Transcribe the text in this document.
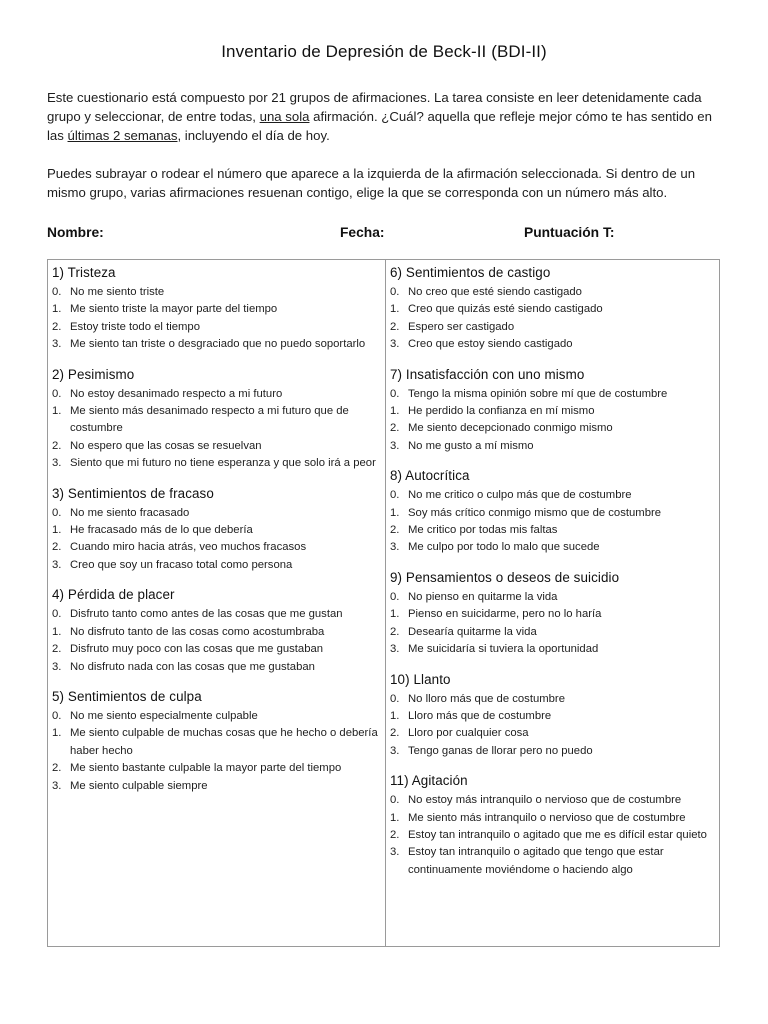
Inventario de Depresión de Beck-II (BDI-II)
Este cuestionario está compuesto por 21 grupos de afirmaciones. La tarea consiste en leer detenidamente cada grupo y seleccionar, de entre todas, una sola afirmación. ¿Cuál? aquella que refleje mejor cómo te has sentido en las últimas 2 semanas, incluyendo el día de hoy.
Puedes subrayar o rodear el número que aparece a la izquierda de la afirmación seleccionada. Si dentro de un mismo grupo, varias afirmaciones resuenan contigo, elige la que se corresponda con un número más alto.
Nombre:	Fecha:	Puntuación T:
1) Tristeza
0. No me siento triste
1. Me siento triste la mayor parte del tiempo
2. Estoy triste todo el tiempo
3. Me siento tan triste o desgraciado que no puedo soportarlo
2) Pesimismo
0. No estoy desanimado respecto a mi futuro
1. Me siento más desanimado respecto a mi futuro que de costumbre
2. No espero que las cosas se resuelvan
3. Siento que mi futuro no tiene esperanza y que solo irá a peor
3) Sentimientos de fracaso
0. No me siento fracasado
1. He fracasado más de lo que debería
2. Cuando miro hacia atrás, veo muchos fracasos
3. Creo que soy un fracaso total como persona
4) Pérdida de placer
0. Disfruto tanto como antes de las cosas que me gustan
1. No disfruto tanto de las cosas como acostumbraba
2. Disfruto muy poco con las cosas que me gustaban
3. No disfruto nada con las cosas que me gustaban
5) Sentimientos de culpa
0. No me siento especialmente culpable
1. Me siento culpable de muchas cosas que he hecho o debería haber hecho
2. Me siento bastante culpable la mayor parte del tiempo
3. Me siento culpable siempre
6) Sentimientos de castigo
0. No creo que esté siendo castigado
1. Creo que quizás esté siendo castigado
2. Espero ser castigado
3. Creo que estoy siendo castigado
7) Insatisfacción con uno mismo
0. Tengo la misma opinión sobre mí que de costumbre
1. He perdido la confianza en mí mismo
2. Me siento decepcionado conmigo mismo
3. No me gusto a mí mismo
8) Autocrítica
0. No me critico o culpo más que de costumbre
1. Soy más crítico conmigo mismo que de costumbre
2. Me critico por todas mis faltas
3. Me culpo por todo lo malo que sucede
9) Pensamientos o deseos de suicidio
0. No pienso en quitarme la vida
1. Pienso en suicidarme, pero no lo haría
2. Desearía quitarme la vida
3. Me suicidaría si tuviera la oportunidad
10) Llanto
0. No lloro más que de costumbre
1. Lloro más que de costumbre
2. Lloro por cualquier cosa
3. Tengo ganas de llorar pero no puedo
11) Agitación
0. No estoy más intranquilo o nervioso que de costumbre
1. Me siento más intranquilo o nervioso que de costumbre
2. Estoy tan intranquilo o agitado que me es difícil estar quieto
3. Estoy tan intranquilo o agitado que tengo que estar continuamente moviéndome o haciendo algo
